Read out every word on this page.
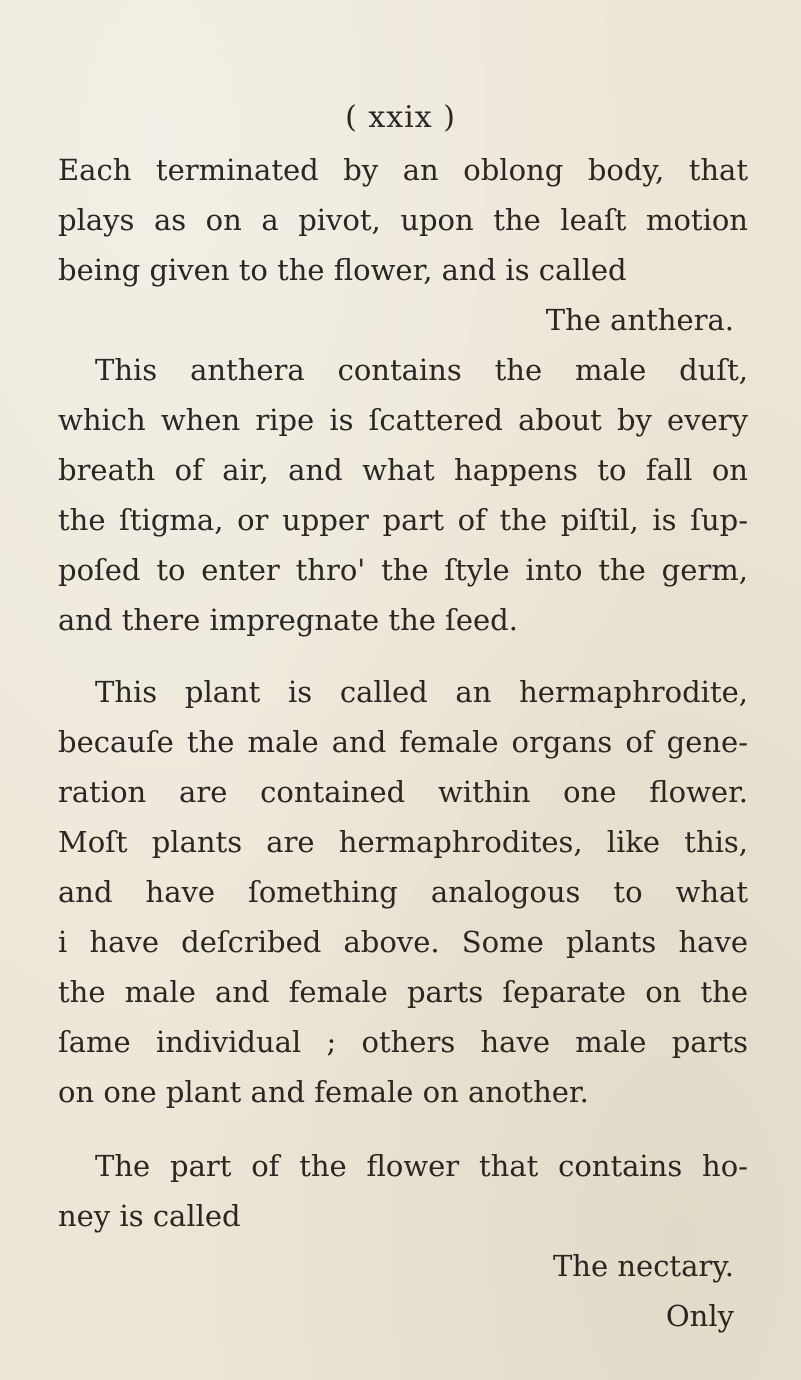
( xxix )
Each terminated by an oblong body, that
plays as on a pivot, upon the leaſt motion
being given to the flower, and is called
The anthera.
This anthera contains the male duſt,
which when ripe is ſcattered about by every
breath of air, and what happens to fall on
the ſtigma, or upper part of the piſtil, is ſup-
poſed to enter thro' the ſtyle into the germ,
and there impregnate the ſeed.
This plant is called an hermaphrodite,
becauſe the male and female organs of gene-
ration are contained within one flower.
Moſt plants are hermaphrodites, like this,
and have ſomething analogous to what
i have deſcribed above. Some plants have
the male and female parts ſeparate on the
ſame individual ; others have male parts
on one plant and female on another.
The part of the flower that contains ho-
ney is called
The nectary.
Only
